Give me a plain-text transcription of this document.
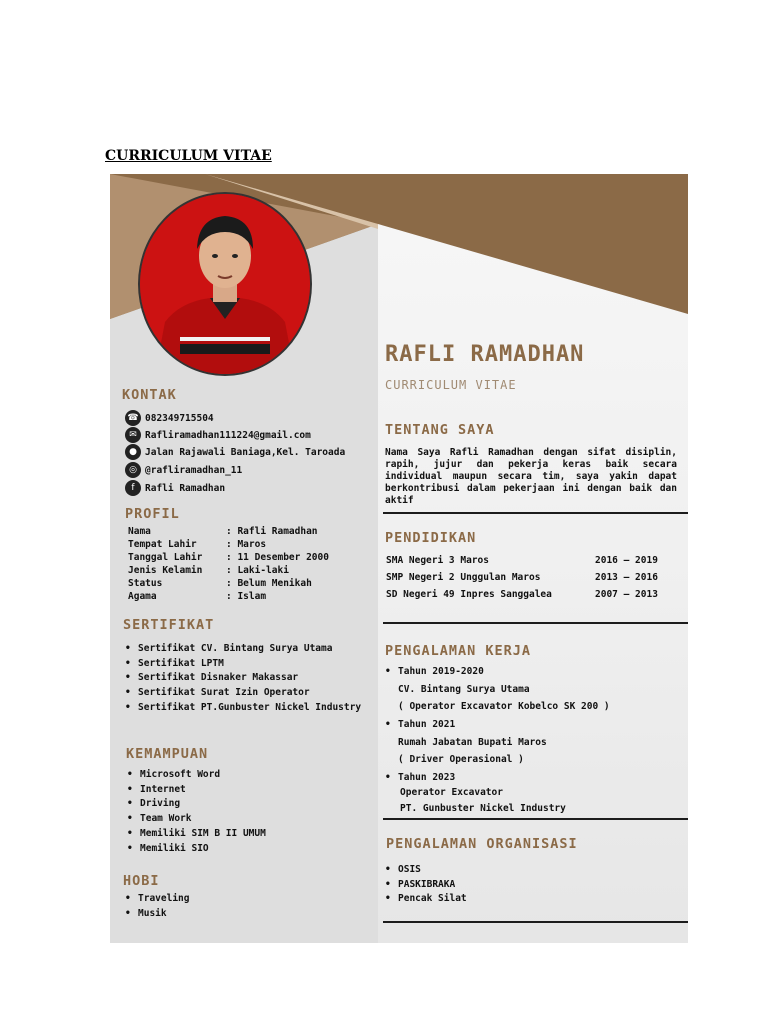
CURRICULUM VITAE
KONTAK
☎ 082349715504
✉ Rafliramadhan111224@gmail.com
● Jalan Rajawali Baniaga,Kel. Taroada
◎ @rafliramadhan_11
f	Rafli Ramadhan
PROFIL
Nama	: Rafli Ramadhan
Tempat Lahir	: Maros
Tanggal Lahir	: 11 Desember 2000
Jenis Kelamin	: Laki-laki
Status	: Belum Menikah
Agama	: Islam
SERTIFIKAT
• Sertifikat CV. Bintang Surya Utama
• Sertifikat LPTM
• Sertifikat Disnaker Makassar
• Sertifikat Surat Izin Operator
• Sertifikat PT.Gunbuster Nickel Industry
KEMAMPUAN
• Microsoft Word
• Internet
• Driving
• Team Work
• Memiliki SIM B II UMUM
• Memiliki SIO
HOBI
• Traveling
• Musik
RAFLI RAMADHAN
CURRICULUM VITAE
TENTANG SAYA
Nama Saya Rafli Ramadhan dengan sifat disiplin, rapih, jujur dan pekerja keras baik secara individual maupun secara tim, saya yakin dapat berkontribusi dalam pekerjaan ini dengan baik dan aktif
PENDIDIKAN
SMA Negeri 3 Maros	2016 – 2019
SMP Negeri 2 Unggulan Maros	2013 – 2016
SD Negeri 49 Inpres Sanggalea	2007 – 2013
PENGALAMAN KERJA
• Tahun 2019-2020
CV. Bintang Surya Utama
( Operator Excavator Kobelco SK 200 )
• Tahun 2021
Rumah Jabatan Bupati Maros
( Driver Operasional )
• Tahun 2023
Operator Excavator
PT. Gunbuster Nickel Industry
PENGALAMAN ORGANISASI
• OSIS
• PASKIBRAKA
• Pencak Silat
